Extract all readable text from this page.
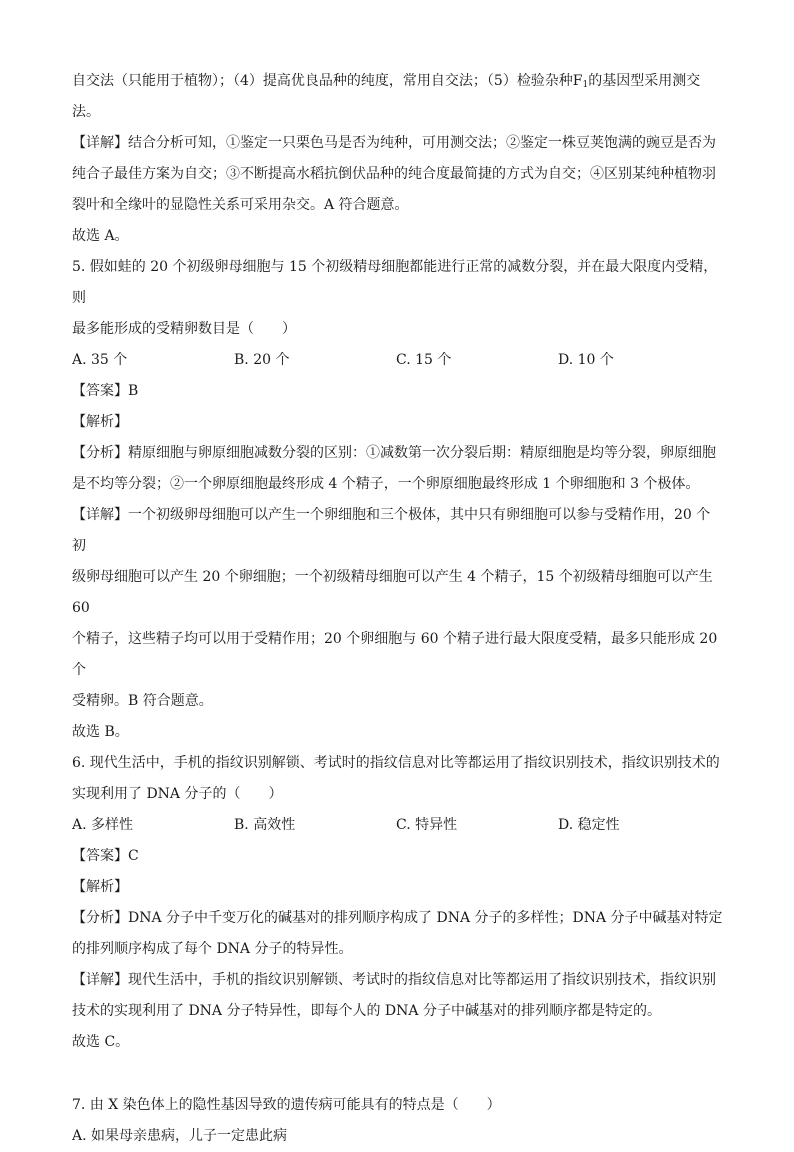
自交法（只能用于植物）；（4）提高优良品种的纯度，常用自交法；（5）检验杂种$F_1$的基因型采用测交

法。

【详解】结合分析可知，①鉴定一只栗色马是否为纯种，可用测交法；②鉴定一株豆荚饱满的豌豆是否为

纯合子最佳方案为自交；③不断提高水稻抗倒伏品种的纯合度最简捷的方式为自交；④区别某纯种植物羽

裂叶和全缘叶的显隐性关系可采用杂交。A 符合题意。

故选 A。

5. 假如蛙的 20 个初级卵母细胞与 15 个初级精母细胞都能进行正常的减数分裂，并在最大限度内受精，则

最多能形成的受精卵数目是（　　）

A. 35 个	B. 20 个	C. 15 个	D. 10 个

【答案】B

【解析】

【分析】精原细胞与卵原细胞减数分裂的区别：①减数第一次分裂后期：精原细胞是均等分裂，卵原细胞

是不均等分裂；②一个卵原细胞最终形成 4 个精子，一个卵原细胞最终形成 1 个卵细胞和 3 个极体。

【详解】一个初级卵母细胞可以产生一个卵细胞和三个极体，其中只有卵细胞可以参与受精作用，20 个初

级卵母细胞可以产生 20 个卵细胞；一个初级精母细胞可以产生 4 个精子，15 个初级精母细胞可以产生 60

个精子，这些精子均可以用于受精作用；20 个卵细胞与 60 个精子进行最大限度受精，最多只能形成 20 个

受精卵。B 符合题意。

故选 B。

6. 现代生活中，手机的指纹识别解锁、考试时的指纹信息对比等都运用了指纹识别技术，指纹识别技术的

实现利用了 DNA 分子的（　　）

A. 多样性	B. 高效性	C. 特异性	D. 稳定性

【答案】C

【解析】

【分析】DNA 分子中千变万化的碱基对的排列顺序构成了 DNA 分子的多样性；DNA 分子中碱基对特定

的排列顺序构成了每个 DNA 分子的特异性。

【详解】现代生活中，手机的指纹识别解锁、考试时的指纹信息对比等都运用了指纹识别技术，指纹识别

技术的实现利用了 DNA 分子特异性，即每个人的 DNA 分子中碱基对的排列顺序都是特定的。

故选 C。

7. 由 X 染色体上的隐性基因导致的遗传病可能具有的特点是（　　）

A. 如果母亲患病，儿子一定患此病
